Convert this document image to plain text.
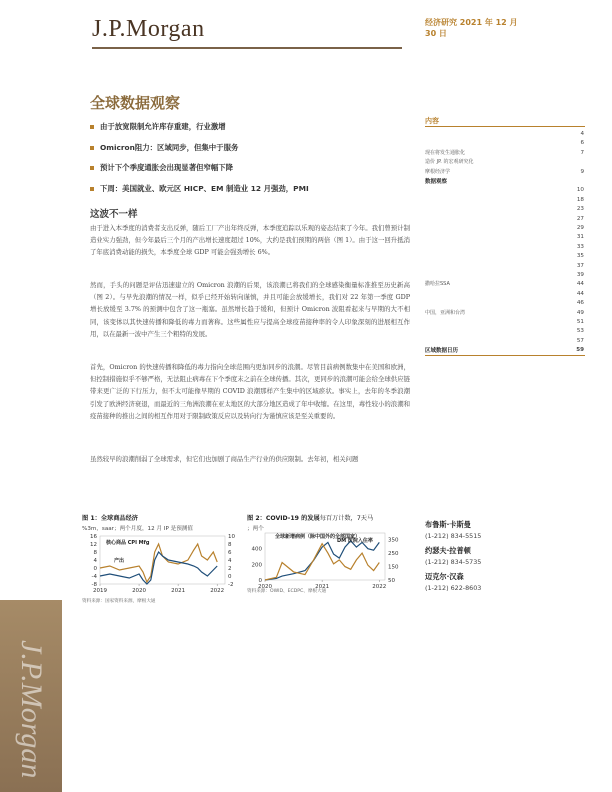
J.P.Morgan	经济研究 2021 年 12 月
30 日
J.P.Morgan
全球数据观察
由于放宽限制允许库存重建，行业激增
Omicron阻力：区域同步，但集中于服务
预计下个季度通胀会出现显著但窄幅下降
下周：美国就业、欧元区 HICP、EM 制造业 12 月强劲，PMI
这波不一样
由于进入本季度的消费者支出反弹，随后工厂产出年终反弹，本季度追踪以乐观的姿态结束了今年。我们曾预计制造业实力强劲，但今年最后三个月的产出增长速度超过 10%，大约是我们预期的两倍（图 1）。由于这一回升抵消了年底消费动能的损失，本季度全球 GDP 可能会强劲增长 6%。
然而，手头的问题是评估迅速建立的 Omicron 浪潮的后果，该浪潮已将我们的全球感染衡量标准推至历史新高（图 2）。与早先浪潮的情况一样，似乎已经开始转向谨慎，并且可能会放缓增长，我们对 22 年第一季度 GDP 增长放缓至 3.7% 的预测中包含了这一瓶塞。虽然增长趋于缓和，但预计 Omicron 波阻看起来与早期的大不相同，该变体以其快速传播和降低的毒力而著称。这些属性应与提高全球疫苗接种率的令人印象深刻的进展相互作用，以在最新一波中产生三个粗特的发展。
首先，Omicron 的快速传播和降低的毒力指向全球范围内更加同步的浪潮。尽管目前病例数集中在美国和欧洲，但控制措施似乎不够严格，无法阻止病毒在下个季度末之前在全球传播。其次，更同步的浪潮可能会给全球供应链带来更广泛的下行压力，但不太可能像早期的 COVID 浪潮那样产生集中的区域瘀状。事实上，去年的冬季浪潮引发了欧洲经济衰退，而最近的三角洲浪潮在亚太地区的大部分地区造成了年中收缩。在这里，毒性较小的浪潮和疫苗接种的推出之间的相互作用对于限制政策反应以及转向行为谨慎应该是至关重要的。
虽然较早的浪潮削弱了全球需求，但它们也加剧了商品生产行业的供应限制。去年初，相关问题
内容
4
6
现在将发生通胀化	7
造价 JP. 的宏观研究化
摩根经济学	9
数据观察
10
18
23
27
29
31
33
35
37
39
撒哈拉SSA	44
44
46
中国，亚洲和台湾	49
51
53
57
区域数据日历	59
布鲁斯·卡斯曼
(1-212) 834-5515
约瑟夫·拉普顿
(1-212) 834-5735
迈克尔·汉森
(1-212) 622-8603
图 1：全球商品经济
%3m，saar；两个月度，12 月 IP 是预测值
16
12
8
4
0
-4
-8
10
8
6
4
2
0
-2
2019	2020	2021	2022
核心商品 CPI Mfg
产出
资料来源：国家资料来源，摩根大通
图 2：COVID-19 的发展每百万计数，7天马
；两个
400
200
0
350
250
150
50
2020	2021	2022
全球新增病例（除中国外的全部国家）
DM 医院入住率
资料来源：OWID、ECDPC、摩根大通
